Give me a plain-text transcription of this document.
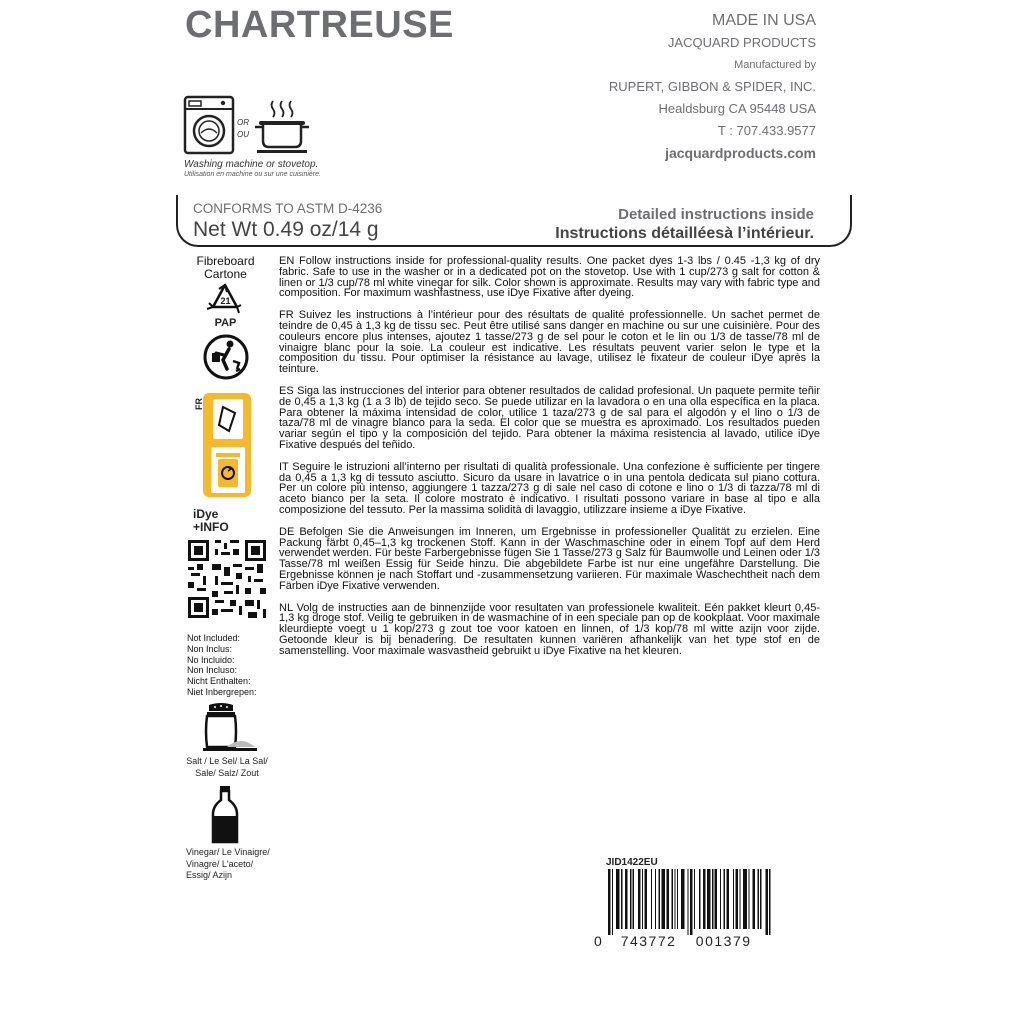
CHARTREUSE	MADE IN USA
JACQUARD PRODUCTS
Manufactured by
RUPERT, GIBBON & SPIDER, INC.
Healdsburg CA 95448 USA
T : 707.433.9577
jacquardproducts.com
OR
OU
Washing machine or stovetop.
Utilisation en machine ou sur une cuisinière.
CONFORMS TO ASTM D-4236
Net Wt 0.49 oz/14 g
Detailed instructions inside
Instructions détailléesà l’intérieur.
Fibreboard
Cartone
21
PAP
FR
iDye
+INFO
Not Included:
Non Inclus:
No Incluido:
Non Incluso:
Nicht Enthalten:
Niet Inbergrepen:
Salt / Le Sel/ La Sal/
Sale/ Salz/ Zout
Vinegar/ Le Vinaigre/
Vinagre/ L'aceto/
Essig/ Azijn

EN Follow instructions inside for professional-quality results. One packet dyes 1-3 lbs / 0.45 -1,3 kg of dry fabric. Safe to use in the washer or in a dedicated pot on the stovetop. Use with 1 cup/273 g salt for cotton & linen or 1/3 cup/78 ml white vinegar for silk. Color shown is approximate. Results may vary with fabric type and composition. For maximum washfastness, use iDye Fixative after dyeing.

FR Suivez les instructions à l’intérieur pour des résultats de qualité professionnelle. Un sachet permet de teindre de 0,45 à 1,3 kg de tissu sec. Peut être utilisé sans danger en machine ou sur une cuisinière. Pour des couleurs encore plus intenses, ajoutez 1 tasse/273 g de sel pour le coton et le lin ou 1/3 de tasse/78 ml de vinaigre blanc pour la soie. La couleur est indicative. Les résultats peuvent varier selon le type et la composition du tissu. Pour optimiser la résistance au lavage, utilisez le fixateur de couleur iDye après la teinture.

ES Siga las instrucciones del interior para obtener resultados de calidad profesional. Un paquete permite teñir de 0,45 a 1,3 kg (1 a 3 lb) de tejido seco. Se puede utilizar en la lavadora o en una olla específica en la placa. Para obtener la máxima intensidad de color, utilice 1 taza/273 g de sal para el algodón y el lino o 1/3 de taza/78 ml de vinagre blanco para la seda. El color que se muestra es aproximado. Los resultados pueden variar según el tipo y la composición del tejido. Para obtener la máxima resistencia al lavado, utilice iDye Fixative después del teñido.

IT Seguire le istruzioni all’interno per risultati di qualità professionale. Una confezione è sufficiente per tingere da 0,45 a 1,3 kg di tessuto asciutto. Sicuro da usare in lavatrice o in una pentola dedicata sul piano cottura. Per un colore più intenso, aggiungere 1 tazza/273 g di sale nel caso di cotone e lino o 1/3 di tazza/78 ml di aceto bianco per la seta. Il colore mostrato è indicativo. I risultati possono variare in base al tipo e alla composizione del tessuto. Per la massima solidità di lavaggio, utilizzare insieme a iDye Fixative.

DE Befolgen Sie die Anweisungen im Inneren, um Ergebnisse in professioneller Qualität zu erzielen. Eine Packung färbt 0,45–1,3 kg trockenen Stoff. Kann in der Waschmaschine oder in einem Topf auf dem Herd verwendet werden. Für beste Farbergebnisse fügen Sie 1 Tasse/273 g Salz für Baumwolle und Leinen oder 1/3 Tasse/78 ml weißen Essig für Seide hinzu. Die abgebildete Farbe ist nur eine ungefähre Darstellung. Die Ergebnisse können je nach Stoffart und -zusammensetzung variieren. Für maximale Waschechtheit nach dem Färben iDye Fixative verwenden.

NL Volg de instructies aan de binnenzijde voor resultaten van professionele kwaliteit. Eén pakket kleurt 0,45-1,3 kg droge stof. Veilig te gebruiken in de wasmachine of in een speciale pan op de kookplaat. Voor maximale kleurdiepte voegt u 1 kop/273 g zout toe voor katoen en linnen, of 1/3 kop/78 ml witte azijn voor zijde. Getoonde kleur is bij benadering. De resultaten kunnen variëren afhankelijk van het type stof en de samenstelling. Voor maximale wasvastheid gebruikt u iDye Fixative na het kleuren.

JID1422EU
0 743772 001379
